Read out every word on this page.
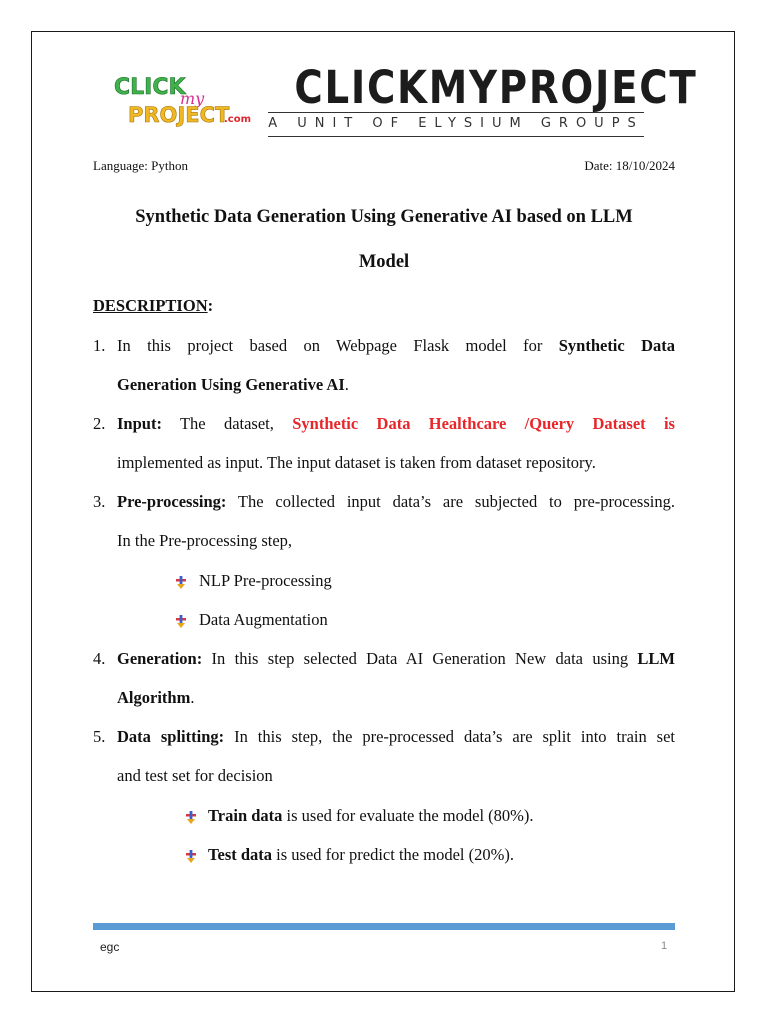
CLICK
my
PROJECT
.com
CLICKMYPROJECT
A UNIT OF ELYSIUM GROUPS
Language: Python	Date: 18/10/2024
Synthetic Data Generation Using Generative AI based on LLM
Model
DESCRIPTION:
1. In this project based on Webpage Flask model for Synthetic Data
Generation Using Generative AI.
2. Input: The dataset, Synthetic Data Healthcare /Query Dataset is
implemented as input. The input dataset is taken from dataset repository.
3. Pre-processing: The collected input data’s are subjected to pre-processing.
In the Pre-processing step,
NLP Pre-processing
Data Augmentation
4. Generation: In this step selected Data AI Generation New data using LLM
Algorithm.
5. Data splitting: In this step, the pre-processed data’s are split into train set
and test set for decision
Train data is used for evaluate the model (80%).
Test data is used for predict the model (20%).
egc	1
